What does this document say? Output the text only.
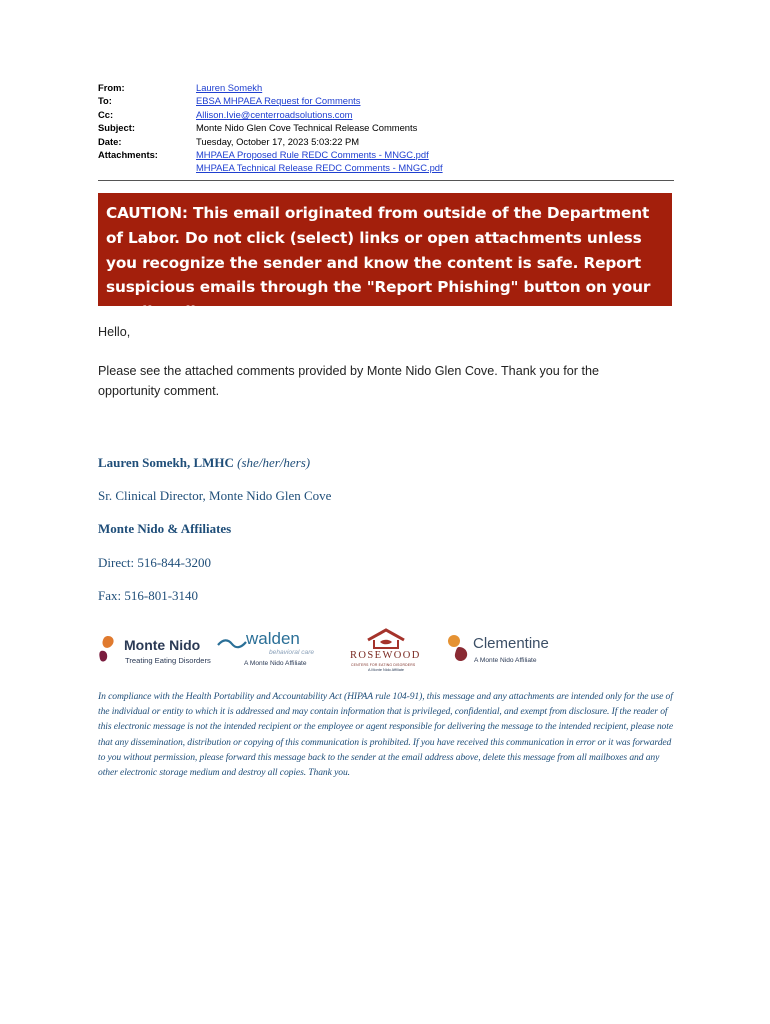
From:	Lauren Somekh
To:	EBSA MHPAEA Request for Comments
Cc:	Allison.Ivie@centerroadsolutions.com
Subject:	Monte Nido Glen Cove Technical Release Comments
Date:	Tuesday, October 17, 2023 5:03:22 PM
Attachments:	MHPAEA Proposed Rule REDC Comments - MNGC.pdf
MHPAEA Technical Release REDC Comments - MNGC.pdf
CAUTION: This email originated from outside of the Department of Labor. Do not click (select) links or open attachments unless you recognize the sender and know the content is safe. Report suspicious emails through the "Report Phishing" button on your email toolbar.
Hello,
Please see the attached comments provided by Monte Nido Glen Cove. Thank you for the opportunity comment.
Lauren Somekh, LMHC (she/her/hers)
Sr. Clinical Director, Monte Nido Glen Cove
Monte Nido & Affiliates
Direct: 516-844-3200
Fax: 516-801-3140
Monte Nido
Treating Eating Disorders
walden
behavioral care
A Monte Nido Affiliate
ROSEWOOD
CENTERS FOR EATING DISORDERS
A Monte Nido Affiliate
Clementine
A Monte Nido Affiliate
In compliance with the Health Portability and Accountability Act (HIPAA rule 104-91), this message and any attachments are intended only for the use of the individual or entity to which it is addressed and may contain information that is privileged, confidential, and exempt from disclosure. If the reader of this electronic message is not the intended recipient or the employee or agent responsible for delivering the message to the intended recipient, please note that any dissemination, distribution or copying of this communication is prohibited. If you have received this communication in error or it was forwarded to you without permission, please forward this message back to the sender at the email address above, delete this message from all mailboxes and any other electronic storage medium and destroy all copies. Thank you.
